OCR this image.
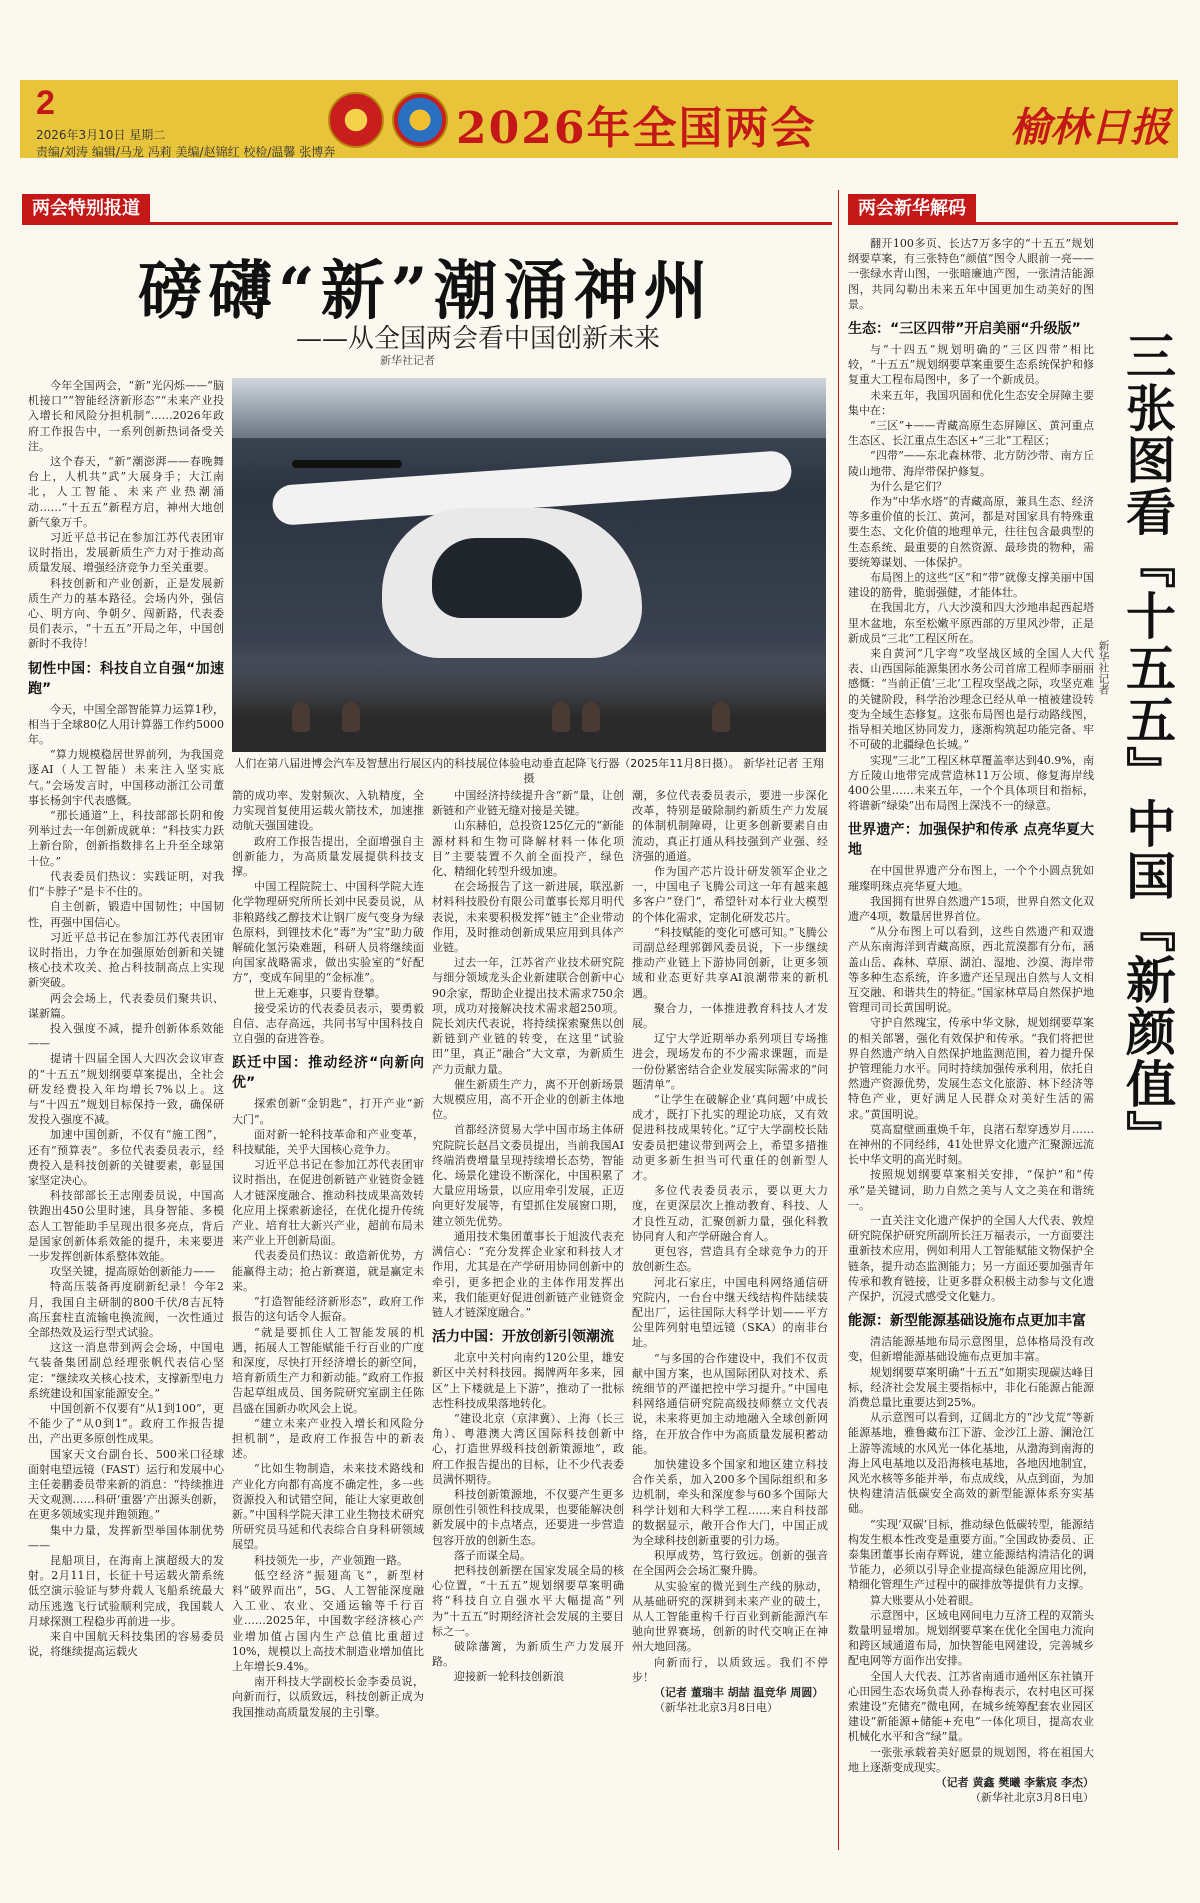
2
2026年3月10日 星期二
责编/刘涛 编辑/马龙 冯莉 美编/赵锦红 校检/温馨 张博奔	2026年全国两会	榆林日报
两会特别报道	两会新华解码
磅礴“新”潮涌神州
——从全国两会看中国创新未来
新华社记者
人们在第八届进博会汽车及智慧出行展区内的科技展位体验电动垂直起降飞行器（2025年11月8日摄）。 新华社记者 王翔 摄

今年全国两会，“新”光闪烁——“脑机接口”“智能经济新形态”“未来产业投入增长和风险分担机制”……2026年政府工作报告中，一系列创新热词备受关注。

这个春天，“新”潮澎湃——春晚舞台上，人机共“武”大展身手；大江南北，人工智能、未来产业热潮涌动……“十五五”新程方启，神州大地创新气象万千。

习近平总书记在参加江苏代表团审议时指出，发展新质生产力对于推动高质量发展、增强经济竞争力至关重要。

科技创新和产业创新，正是发展新质生产力的基本路径。会场内外，强信心、明方向、争朝夕、闯新路，代表委员们表示，“十五五”开局之年，中国创新时不我待！

韧性中国：科技自立自强“加速跑”

今天，中国全部智能算力运算1秒，相当于全球80亿人用计算器工作约5000年。

“算力规模稳居世界前列，为我国竞逐AI（人工智能）未来注入坚实底气。”会场发言时，中国移动浙江公司董事长杨剑宇代表感慨。

“那长通道”上，科技部部长阴和俊列举过去一年创新成就单：“科技实力跃上新台阶，创新指数排名上升至全球第十位。”

代表委员们热议：实践证明，对我们“卡脖子”是卡不住的。

自主创新，锻造中国韧性；中国韧性，再强中国信心。

习近平总书记在参加江苏代表团审议时指出，力争在加强原始创新和关键核心技术攻关、抢占科技制高点上实现新突破。

两会会场上，代表委员们聚共识、谋新篇。

投入强度不减，提升创新体系效能——

提请十四届全国人大四次会议审查的“十五五”规划纲要草案提出，全社会研发经费投入年均增长7%以上。这与“十四五”规划目标保持一致，确保研发投入强度不减。

加速中国创新，不仅有“施工图”，还有“预算表”。多位代表委员表示，经费投入是科技创新的关键要素，彰显国家坚定决心。

科技部部长王志刚委员说，中国高铁跑出450公里时速，具身智能、多模态人工智能助手呈现出很多亮点，背后是国家创新体系效能的提升，未来要进一步发挥创新体系整体效能。

攻坚关键，提高原始创新能力——

特高压装备再度刷新纪录！今年2月，我国自主研制的800千伏/8吉瓦特高压套柱直流输电换流阀，一次性通过全部热效及运行型式试验。

这这一消息带到两会会场，中国电气装备集团副总经理张帆代表信心坚定：“继续攻关核心技术，支撑新型电力系统建设和国家能源安全。”

中国创新不仅要有“从1到100”，更不能少了“从0到1”。政府工作报告提出，产出更多原创性成果。

国家天文台副台长、500米口径球面射电望远镜（FAST）运行和发展中心主任姜鹏委员带来新的消息：“持续推进天文观测……科研‘重器’产出源头创新，在更多领域实现并跑领跑。”

集中力量，发挥新型举国体制优势——

昆船项目，在海南上演超级大的发射。2月11日，长征十号运载火箭系统低空演示验证与梦舟载人飞船系统最大动压逃逸飞行试验顺利完成，我国载人月球探测工程稳步再前进一步。

来自中国航天科技集团的容易委员说，将继续提高运载火

箭的成功率、发射频次、入轨精度，全力实现首复使用运载火箭技术，加速推动航天强国建设。

政府工作报告提出，全面增强自主创新能力，为高质量发展提供科技支撑。

中国工程院院士、中国科学院大连化学物理研究所所长刘中民委员说，从非粮路线乙醇技术让钢厂废气变身为绿色原料，到锂技术化“毒”为“宝”助力破解硫化氢污染难题，科研人员将继续面向国家战略需求，做出实验室的“好配方”，变成车间里的“金标准”。

世上无难事，只要肯登攀。

接受采访的代表委员表示，要勇毅自信、志存高远，共同书写中国科技自立自强的奋进答卷。

跃迁中国：推动经济“向新向优”

探索创新“金钥匙”，打开产业“新大门”。

面对新一轮科技革命和产业变革，科技赋能，关乎大国核心竞争力。

习近平总书记在参加江苏代表团审议时指出，在促进创新链产业链资金链人才链深度融合、推动科技成果高效转化应用上探索新途径，在优化提升传统产业、培育壮大新兴产业，超前布局未来产业上开创新局面。

代表委员们热议：敢造新优势，方能赢得主动；抢占新赛道，就是赢定未来。

“打造智能经济新形态”，政府工作报告的这句话令人振奋。

“就是要抓住人工智能发展的机遇，拓展人工智能赋能千行百业的广度和深度，尽快打开经济增长的新空间，培育新质生产力和新动能。”政府工作报告起草组成员、国务院研究室副主任陈昌盛在国新办吹风会上说。

“建立未来产业投入增长和风险分担机制”，是政府工作报告中的新表述。

“比如生物制造，未来技术路线和产业化方向都有高度不确定性，多一些资源投入和试错空间，能让大家更敢创新。”中国科学院天津工业生物技术研究所研究员马延和代表综合自身科研领域展望。

科技领先一步，产业领跑一路。

低空经济“振翅高飞”，新型材料“破界而出”，5G、人工智能深度融入工业、农业、交通运输等千行百业……2025年，中国数字经济核心产业增加值占国内生产总值比重超过10%，规模以上高技术制造业增加值比上年增长9.4%。

南开科技大学副校长金李委员说，向新而行，以质致远，科技创新正成为我国推动高质量发展的主引擎。

中国经济持续提升含“新”量，让创新链和产业链无缝对接是关键。

山东赫伯，总投资125亿元的“新能源材料和生物可降解材料一体化项目”主要装置不久前全面投产，绿色化、精细化转型升级加速。

在会场报告了这一新进展，联泓新材料科技股份有限公司董事长郑月明代表说，未来要积极发挥“链主”企业带动作用，及时推动创新成果应用到具体产业链。

过去一年，江苏省产业技术研究院与细分领域龙头企业新建联合创新中心90余家，帮助企业提出技术需求750余项，成功对接解决技术需求超250项。院长刘庆代表说，将持续探索聚焦以创新链到产业链的转变，在这里“试验田”里，真正“融合”大文章，为新质生产力贡献力量。

催生新质生产力，离不开创新场景大规模应用，高不开企业的创新主体地位。

首都经济贸易大学中国市场主体研究院院长赵昌文委员提出，当前我国AI终端消费增量呈现持续增长态势，智能化、场景化建设不断深化，中国积累了大量应用场景，以应用牵引发展，正迈向更好发展等，有望抓住发展窗口期，建立领先优势。

通用技术集团董事长于旭波代表充满信心：“充分发挥企业家和科技人才作用，尤其是在产学研用协同创新中的牵引，更多把企业的主体作用发挥出来，我们能更好促进创新链产业链资金链人才链深度融合。”

活力中国：开放创新引领潮流

北京中关村向南约120公里，雄安新区中关村科技园。揭牌两年多来，园区“上下楼就是上下游”，推动了一批标志性科技成果落地转化。

“建设北京（京津冀）、上海（长三角）、粤港澳大湾区国际科技创新中心，打造世界级科技创新策源地”，政府工作报告提出的目标，让不少代表委员满怀期待。

科技创新策源地，不仅要产生更多原创性引领性科技成果，也要能解决创新发展中的卡点堵点，还要进一步营造包容开放的创新生态。

落子而谋全局。

把科技创新摆在国家发展全局的核心位置，“十五五”规划纲要草案明确将“科技自立自强水平大幅提高”列为“十五五”时期经济社会发展的主要目标之一。

破除藩篱，为新质生产力发展开路。

迎接新一轮科技创新浪

潮，多位代表委员表示，要进一步深化改革，特别是破除制约新质生产力发展的体制机制障碍，让更多创新要素自由流动，真正打通从科技强到产业强、经济强的通道。

作为国产芯片设计研发领军企业之一，中国电子飞腾公司这一年有越来越多客户“登门”，希望针对本行业大模型的个体化需求，定制化研发芯片。

“科技赋能的变化可感可知。”飞腾公司副总经理郭御风委员说，下一步继续推动产业链上下游协同创新，让更多领域和业态更好共享AI浪潮带来的新机遇。

聚合力，一体推进教育科技人才发展。

辽宁大学近期举办系列项目专场推进会，现场发布的不少需求课题，而是一份份紧密结合企业发展实际需求的“问题清单”。

“让学生在破解企业‘真问题’中成长成才，既打下扎实的理论功底，又有效促进科技成果转化。”辽宁大学副校长陆安委员把建议带到两会上，希望多措推动更多新生担当可代重任的创新型人才。

多位代表委员表示，要以更大力度，在更深层次上推动教育、科技、人才良性互动，汇聚创新力量，强化科教协同育人和产学研融合育人。

更包容，营造具有全球竞争力的开放创新生态。

河北石家庄，中国电科网络通信研究院内，一台台中继天线结构件陆续装配出厂，运往国际大科学计划——平方公里阵列射电望远镜（SKA）的南非台址。

“与多国的合作建设中，我们不仅贡献中国方案，也从国际团队对技术、系统细节的严谨把控中学习提升。”中国电科网络通信研究院高级技师蔡立文代表说，未来将更加主动地融入全球创新网络，在开放合作中为高质量发展积蓄动能。

加快建设多个国家和地区建立科技合作关系，加入200多个国际组织和多边机制，牵头和深度参与60多个国际大科学计划和大科学工程……来自科技部的数据显示，敞开合作大门，中国正成为全球科技创新重要的引力场。

积厚成势，笃行致远。创新的强音在全国两会会场汇聚升腾。

从实验室的微光到生产线的脉动，从基础研究的深耕到未来产业的破土，从人工智能重构千行百业到新能源汽车驰向世界赛场，创新的时代交响正在神州大地回荡。

向新而行，以质致远。我们不停步！

（记者 董瑞丰 胡喆 温竞华 周圆）

（新华社北京3月8日电）

三张图看『十五五』中国『新颜值』
新华社记者

翻开100多页、长达7万多字的“十五五”规划纲要草案，有三张特色“颜值”图令人眼前一亮——一张绿水青山图，一张暗廉迪产图，一张清洁能源图，共同勾勒出未来五年中国更加生动美好的图景。

生态：“三区四带”开启美丽“升级版”

与“十四五”规划明确的“三区四带”相比较，“十五五”规划纲要草案重要生态系统保护和修复重大工程布局图中，多了一个新成员。

未来五年，我国巩固和优化生态安全屏障主要集中在：

“三区”+——青藏高原生态屏障区、黄河重点生态区、长江重点生态区+“三北”工程区；

“四带”——东北森林带、北方防沙带、南方丘陵山地带、海岸带保护修复。

为什么是它们？

作为“中华水塔”的青藏高原，兼具生态、经济等多重价值的长江、黄河，都是对国家具有特殊重要生态、文化价值的地理单元，往往包含最典型的生态系统、最重要的自然资源、最珍贵的物种，需要统筹谋划、一体保护。

布局图上的这些“区”和“带”就像支撑美丽中国建设的筋骨，脆弱强健，才能体壮。

在我国北方，八大沙漠和四大沙地串起西起塔里木盆地，东至松嫩平原西部的万里风沙带，正是新成员“三北”工程区所在。

来自黄河“几字弯”攻坚战区域的全国人大代表、山西国际能源集团水务公司首席工程师李丽丽感慨：“当前正值‘三北’工程攻坚战之际，攻坚克难的关键阶段，科学治沙理念已经从单一植被建设转变为全域生态修复。这张布局图也是行动路线图，指导相关地区协同发力，逐渐构筑起功能完备、牢不可破的北疆绿色长城。”

实现“三北”工程区林草覆盖率达到40.9%，南方丘陵山地带完成营造林11万公顷、修复海岸线400公里……未来五年，一个个具体项目和指标，将谱新“绿染”出布局图上深浅不一的绿意。

世界遗产：加强保护和传承 点亮华夏大地

在中国世界遗产分布图上，一个个小圆点犹如璀璨明珠点亮华夏大地。

我国拥有世界自然遗产15项，世界自然文化双遗产4项，数量居世界首位。

“从分布图上可以看到，这些自然遗产和双遗产从东南海洋到青藏高原，西北荒漠都有分布，涵盖山岳、森林、草原、湖泊、湿地、沙漠、海岸带等多种生态系统，许多遗产还呈现出自然与人文相互交融、和谐共生的特征。”国家林草局自然保护地管理司司长黄国明说。

守护自然瑰宝，传承中华文脉，规划纲要草案的相关部署，强化有效保护和传承。“我们将把世界自然遗产纳入自然保护地监测范围，着力提升保护管理能力水平。同时持续加强传承利用，依托自然遗产资源优势，发展生态文化旅游、林下经济等特色产业，更好满足人民群众对美好生活的需求。”黄国明说。

莫高窟壁画重焕千年，良渚石犁穿透岁月……在神州的不同经纬，41处世界文化遗产汇聚源远流长中华文明的高光时刻。

按照规划纲要草案相关安排，“保护”和“传承”是关键词，助力自然之美与人文之美在和谐统一。

一直关注文化遗产保护的全国人大代表、敦煌研究院保护研究所副所长汪万福表示，一方面要注重新技术应用，例如利用人工智能赋能文物保护全链条，提升动态监测能力；另一方面还要加强青年传承和教育链接，让更多群众积极主动参与文化遗产保护，沉浸式感受文化魅力。

能源：新型能源基础设施布点更加丰富

清洁能源基地布局示意图里，总体格局没有改变，但新增能源基础设施布点更加丰富。

规划纲要草案明确“十五五”如期实现碳达峰目标，经济社会发展主要指标中，非化石能源占能源消费总量比重要达到25%。

从示意图可以看到，辽阔北方的“沙戈荒”等新能源基地，雅鲁藏布江下游、金沙江上游、澜沧江上游等流域的水风光一体化基地，从渤海到南海的海上风电基地以及沿海核电基地，各地因地制宜，风光水核等多能并举，布点成线，从点到面，为加快构建清洁低碳安全高效的新型能源体系夯实基础。

“实现‘双碳’目标，推动绿色低碳转型，能源结构发生根本性改变是重要方面。”全国政协委员、正泰集团董事长南存辉说，建立能源结构清洁化的调节能力，必须以引导企业提高绿色能源应用比例，精细化管理生产过程中的碳排放等提供有力支撑。

算大账要从小处着眼。

示意图中，区域电网间电力互济工程的双箭头数量明显增加。规划纲要草案在优化全国电力流向和跨区域通道布局，加快智能电网建设，完善城乡配电网等方面作出安排。

全国人大代表、江苏省南通市通州区东社镇开心田园生态农场负责人孙春梅表示，农村电区可探索建设“充储充”微电网，在城乡统筹配套农业园区建设“新能源+储能+充电”一体化项目，提高农业机械化水平和含“绿”量。

一张张承载着美好愿景的规划图，将在祖国大地上逐渐变成现实。

（记者 黄鑫 樊曦 李紫宸 李杰）

（新华社北京3月8日电）
